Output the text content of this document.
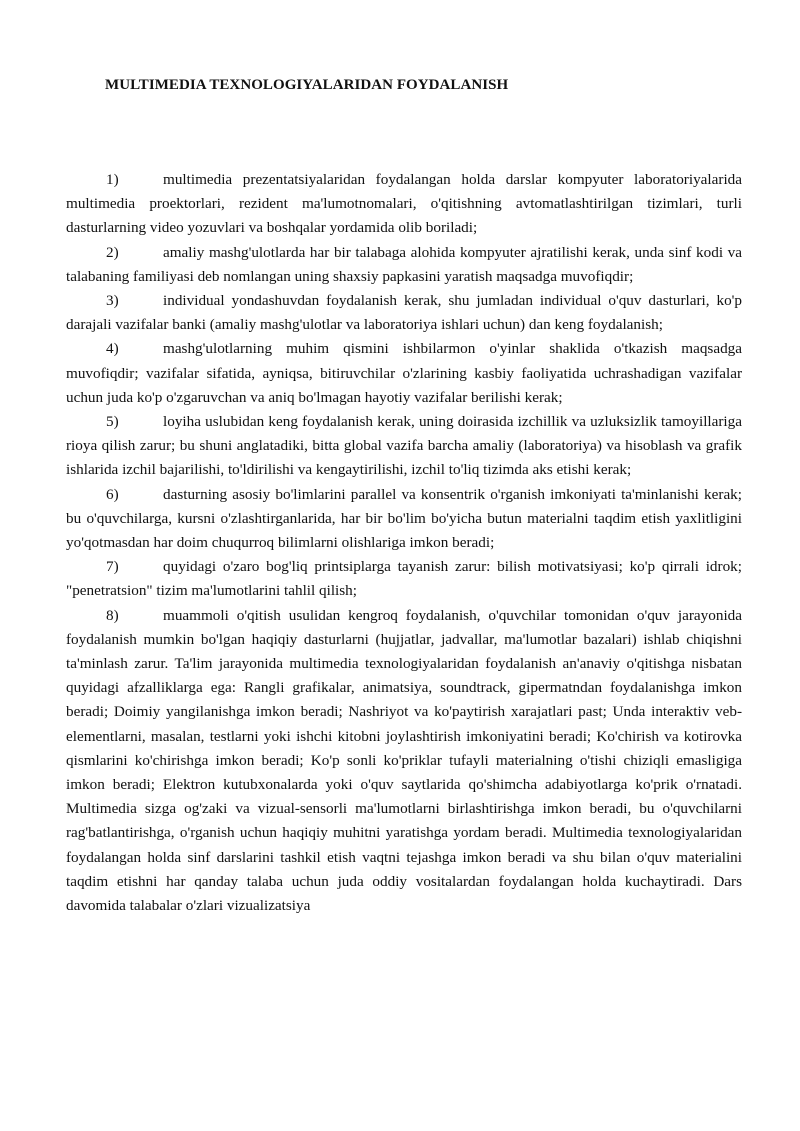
MULTIMEDIA TEXNOLOGIYALARIDAN FOYDALANISH

1)	multimedia prezentatsiyalaridan foydalangan holda darslar kompyuter laboratoriyalarida multimedia proektorlari, rezident ma'lumotnomalari, o'qitishning avtomatlashtirilgan tizimlari, turli dasturlarning video yozuvlari va boshqalar yordamida olib boriladi;

2)	amaliy mashg'ulotlarda har bir talabaga alohida kompyuter ajratilishi kerak, unda sinf kodi va talabaning familiyasi deb nomlangan uning shaxsiy papkasini yaratish maqsadga muvofiqdir;

3)	individual yondashuvdan foydalanish kerak, shu jumladan individual o'quv dasturlari, ko'p darajali vazifalar banki (amaliy mashg'ulotlar va laboratoriya ishlari uchun) dan keng foydalanish;

4)	mashg'ulotlarning muhim qismini ishbilarmon o'yinlar shaklida o'tkazish maqsadga muvofiqdir; vazifalar sifatida, ayniqsa, bitiruvchilar o'zlarining kasbiy faoliyatida uchrashadigan vazifalar uchun juda ko'p o'zgaruvchan va aniq bo'lmagan hayotiy vazifalar berilishi kerak;

5)	loyiha uslubidan keng foydalanish kerak, uning doirasida izchillik va uzluksizlik tamoyillariga rioya qilish zarur; bu shuni anglatadiki, bitta global vazifa barcha amaliy (laboratoriya) va hisoblash va grafik ishlarida izchil bajarilishi, to'ldirilishi va kengaytirilishi, izchil to'liq tizimda aks etishi kerak;

6)	dasturning asosiy bo'limlarini parallel va konsentrik o'rganish imkoniyati ta'minlanishi kerak; bu o'quvchilarga, kursni o'zlashtirganlarida, har bir bo'lim bo'yicha butun materialni taqdim etish yaxlitligini yo'qotmasdan har doim chuqurroq bilimlarni olishlariga imkon beradi;

7)	quyidagi o'zaro bog'liq printsiplarga tayanish zarur: bilish motivatsiyasi; ko'p qirrali idrok; "penetratsion" tizim ma'lumotlarini tahlil qilish;

8)	muammoli o'qitish usulidan kengroq foydalanish, o'quvchilar tomonidan o'quv jarayonida foydalanish mumkin bo'lgan haqiqiy dasturlarni (hujjatlar, jadvallar, ma'lumotlar bazalari) ishlab chiqishni ta'minlash zarur. Ta'lim jarayonida multimedia texnologiyalaridan foydalanish an'anaviy o'qitishga nisbatan quyidagi afzalliklarga ega: Rangli grafikalar, animatsiya, soundtrack, gipermatndan foydalanishga imkon beradi; Doimiy yangilanishga imkon beradi; Nashriyot va ko'paytirish xarajatlari past; Unda interaktiv veb-elementlarni, masalan, testlarni yoki ishchi kitobni joylashtirish imkoniyatini beradi; Ko'chirish va kotirovka qismlarini ko'chirishga imkon beradi; Ko'p sonli ko'priklar tufayli materialning o'tishi chiziqli emasligiga imkon beradi; Elektron kutubxonalarda yoki o'quv saytlarida qo'shimcha adabiyotlarga ko'prik o'rnatadi. Multimedia sizga og'zaki va vizual-sensorli ma'lumotlarni birlashtirishga imkon beradi, bu o'quvchilarni rag'batlantirishga, o'rganish uchun haqiqiy muhitni yaratishga yordam beradi. Multimedia texnologiyalaridan foydalangan holda sinf darslarini tashkil etish vaqtni tejashga imkon beradi va shu bilan o'quv materialini taqdim etishni har qanday talaba uchun juda oddiy vositalardan foydalangan holda kuchaytiradi. Dars davomida talabalar o'zlari vizualizatsiya
